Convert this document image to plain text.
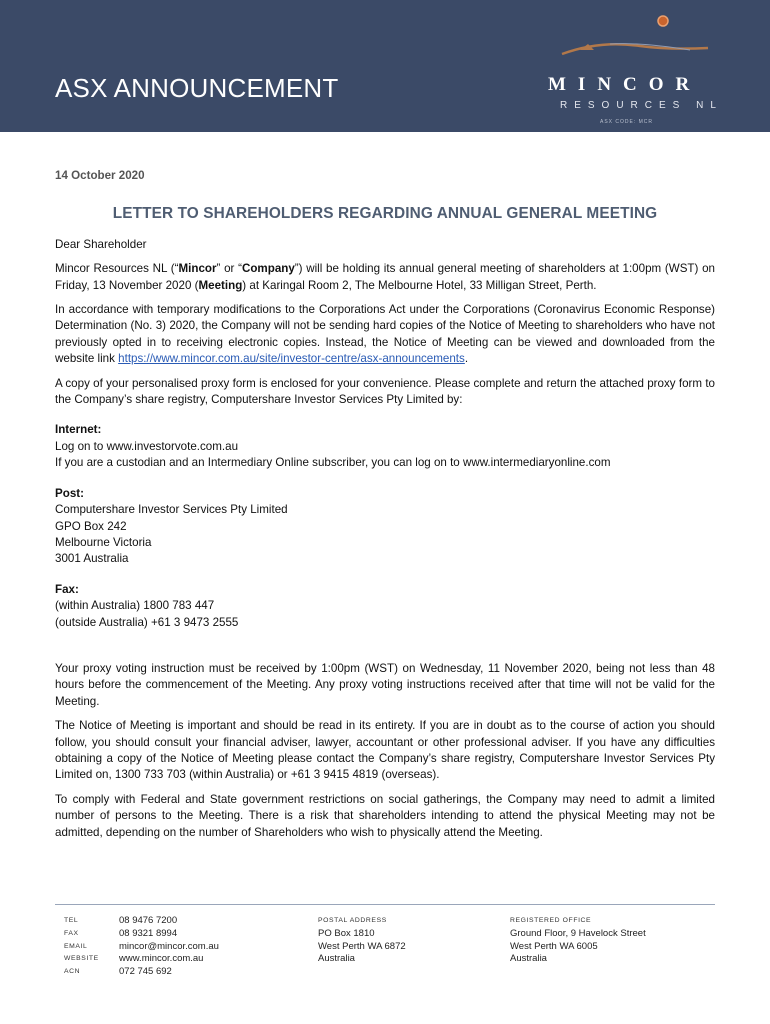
ASX ANNOUNCEMENT	MINCOR
RESOURCES NL
ASX CODE: MCR
14 October 2020
LETTER TO SHAREHOLDERS REGARDING ANNUAL GENERAL MEETING

Dear Shareholder

Mincor Resources NL (“Mincor” or “Company”) will be holding its annual general meeting of shareholders at 1:00pm (WST) on Friday, 13 November 2020 (Meeting) at Karingal Room 2, The Melbourne Hotel, 33 Milligan Street, Perth.

In accordance with temporary modifications to the Corporations Act under the Corporations (Coronavirus Economic Response) Determination (No. 3) 2020, the Company will not be sending hard copies of the Notice of Meeting to shareholders who have not previously opted in to receiving electronic copies. Instead, the Notice of Meeting can be viewed and downloaded from the website link https://www.mincor.com.au/site/investor-centre/asx-announcements.

A copy of your personalised proxy form is enclosed for your convenience. Please complete and return the attached proxy form to the Company’s share registry, Computershare Investor Services Pty Limited by:

Internet:
Log on to www.investorvote.com.au
If you are a custodian and an Intermediary Online subscriber, you can log on to www.intermediaryonline.com

Post:
Computershare Investor Services Pty Limited
GPO Box 242
Melbourne Victoria
3001 Australia

Fax:
(within Australia) 1800 783 447
(outside Australia) +61 3 9473 2555

Your proxy voting instruction must be received by 1:00pm (WST) on Wednesday, 11 November 2020, being not less than 48 hours before the commencement of the Meeting. Any proxy voting instructions received after that time will not be valid for the Meeting.

The Notice of Meeting is important and should be read in its entirety. If you are in doubt as to the course of action you should follow, you should consult your financial adviser, lawyer, accountant or other professional adviser. If you have any difficulties obtaining a copy of the Notice of Meeting please contact the Company’s share registry, Computershare Investor Services Pty Limited on, 1300 733 703 (within Australia) or +61 3 9415 4819 (overseas).

To comply with Federal and State government restrictions on social gatherings, the Company may need to admit a limited number of persons to the Meeting. There is a risk that shareholders intending to attend the physical Meeting may not be admitted, depending on the number of Shareholders who wish to physically attend the Meeting.

TEL	08 9476 7200
FAX	08 9321 8994
EMAIL	mincor@mincor.com.au
WEBSITE	www.mincor.com.au
ACN	072 745 692
POSTAL ADDRESS
PO Box 1810
West Perth WA 6872
Australia
REGISTERED OFFICE
Ground Floor, 9 Havelock Street
West Perth WA 6005
Australia
